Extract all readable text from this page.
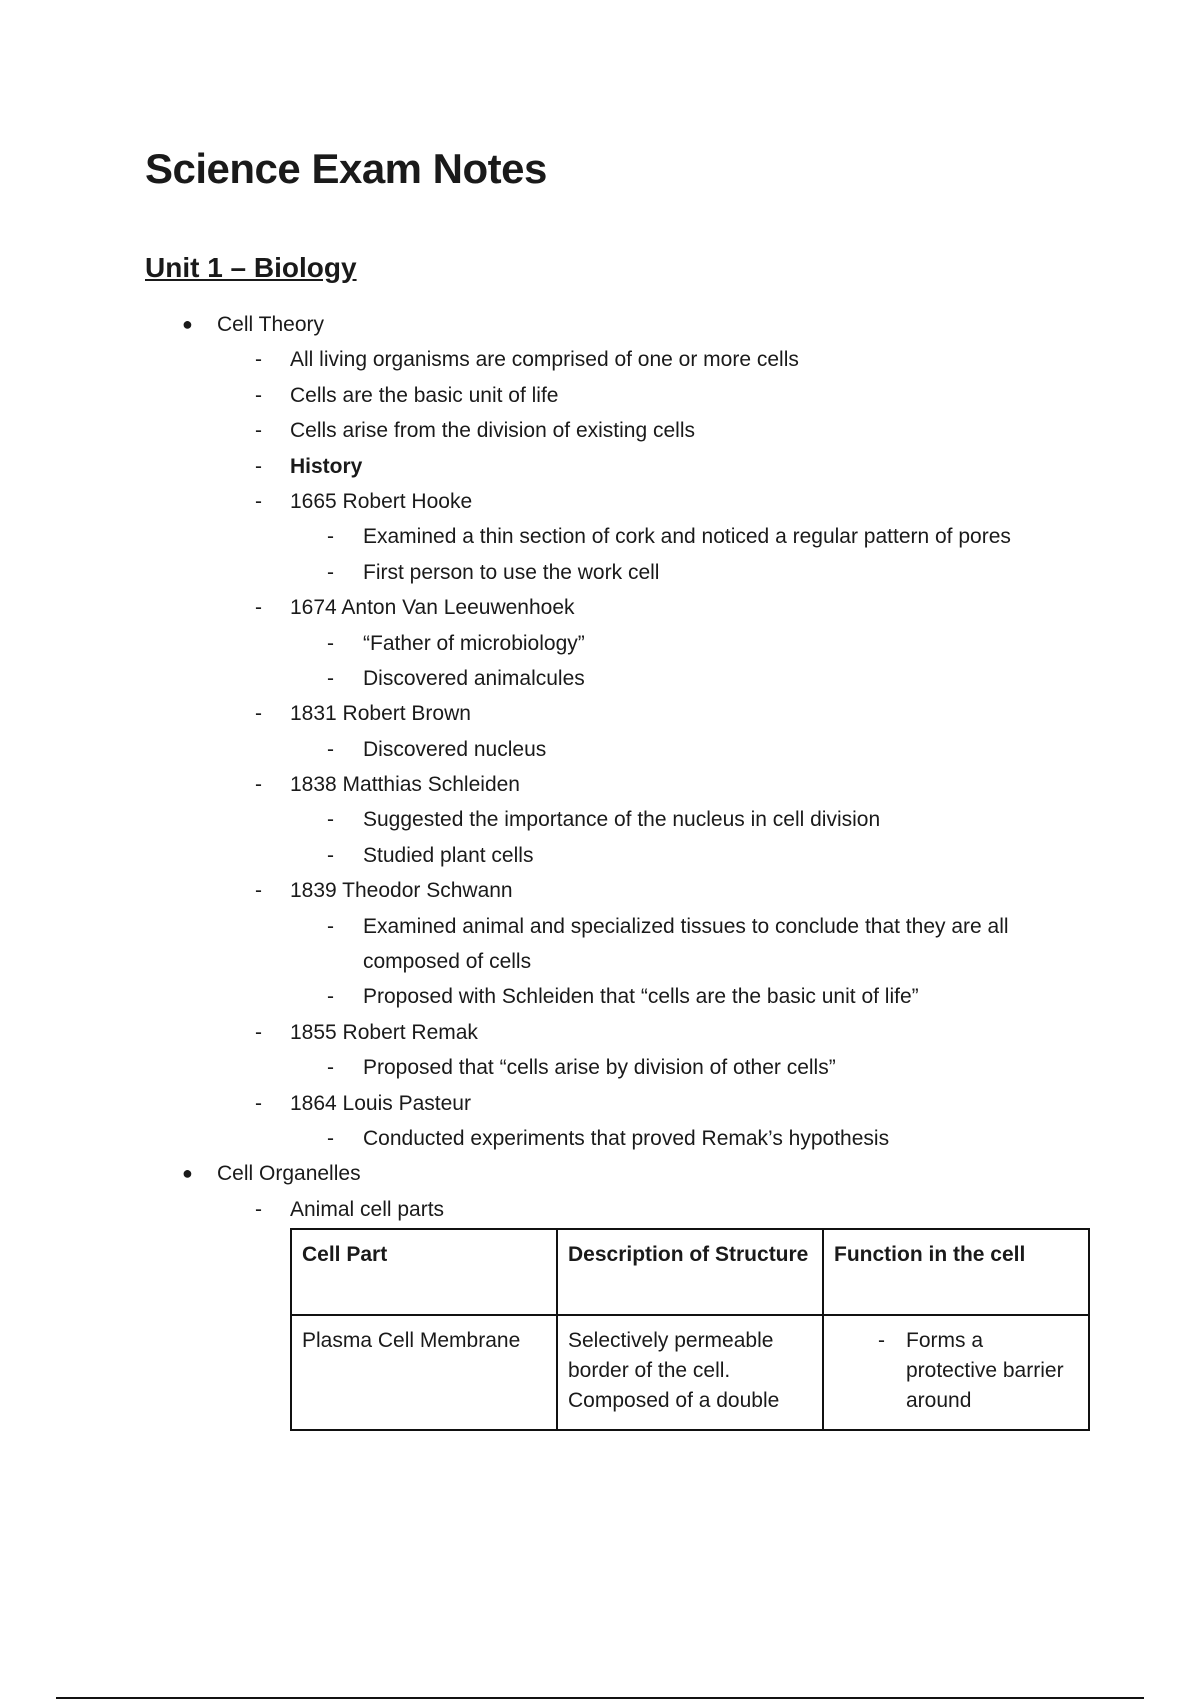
Science Exam Notes
Unit 1 – Biology
● Cell Theory
- All living organisms are comprised of one or more cells
- Cells are the basic unit of life
- Cells arise from the division of existing cells
- History
- 1665 Robert Hooke
- Examined a thin section of cork and noticed a regular pattern of pores
- First person to use the work cell
- 1674 Anton Van Leeuwenhoek
- “Father of microbiology”
- Discovered animalcules
- 1831 Robert Brown
- Discovered nucleus
- 1838 Matthias Schleiden
- Suggested the importance of the nucleus in cell division
- Studied plant cells
- 1839 Theodor Schwann
- Examined animal and specialized tissues to conclude that they are all
composed of cells
- Proposed with Schleiden that “cells are the basic unit of life”
- 1855 Robert Remak
- Proposed that “cells arise by division of other cells”
- 1864 Louis Pasteur
- Conducted experiments that proved Remak’s hypothesis
● Cell Organelles
- Animal cell parts
Cell Part	Description of Structure	Function in the cell
Plasma Cell Membrane	Selectively permeable border of the cell. Composed of a double	- Forms a protective barrier around
